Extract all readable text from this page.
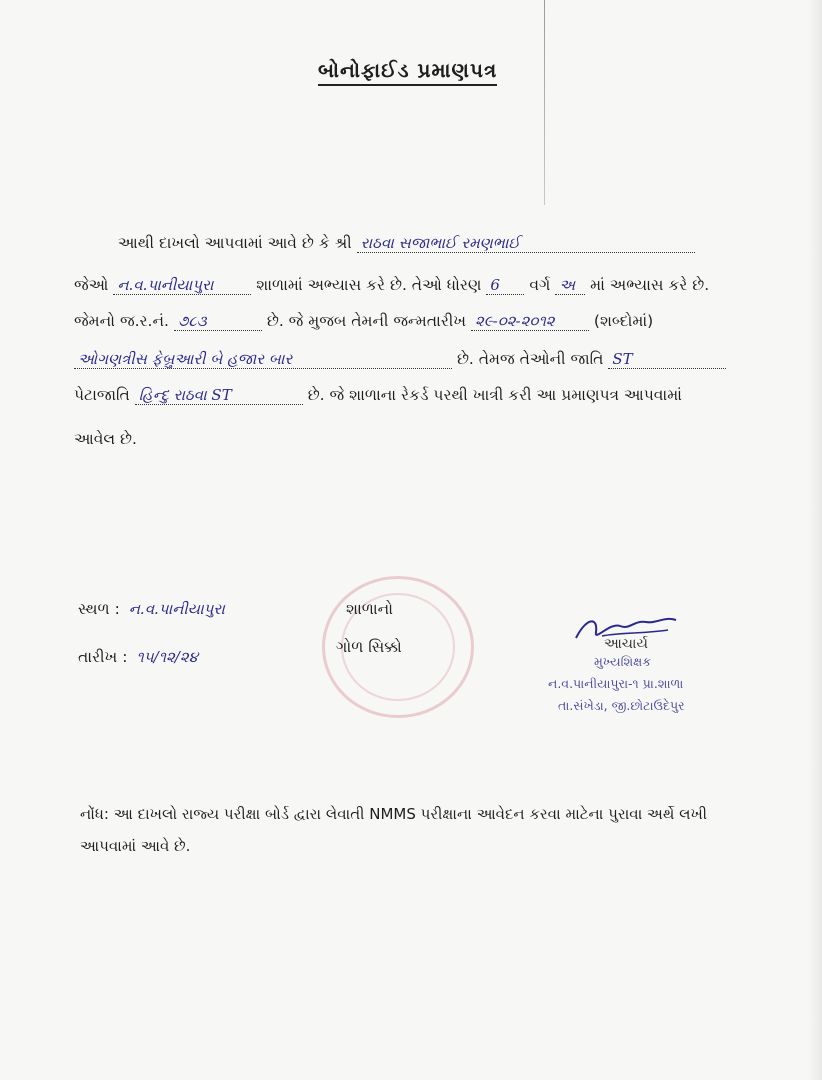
બોનોફાઈડ પ્રમાણપત્ર
આથી દાખલો આપવામાં આવે છે કે શ્રી રાઠવા સજાભાઈ રમણભાઈ
જેઓ ન.વ.પાનીયાપુરા	શાળામાં અભ્યાસ કરે છે. તેઓ ધોરણ 6 વર્ગ અ માં અભ્યાસ કરે છે.
જેમનો જ.ર.નં. ૭૮૩	છે. જે મુજબ તેમની જન્મતારીખ ૨૯-૦૨-૨૦૧૨	(શબ્દોમાં)
ઓગણત્રીસ ફેબ્રુઆરી બે હજાર બાર	છે. તેમજ તેઓની જાતિ ST
પેટાજાતિ હિન્દુ રાઠવા ST	છે. જે શાળાના રેકર્ડ પરથી ખાત્રી કરી આ પ્રમાણપત્ર આપવામાં
આવેલ છે.
સ્થળ : ન.વ.પાનીયાપુરા
તારીખ : ૧૫/૧૨/૨૪
શાળાનો
ગોળ સિક્કો	આચાર્ય
મુખ્યશિક્ષક
ન.વ.પાનીયાપુરા-૧ પ્રા.શાળા
તા.સંખેડા, જી.છોટાઉદેપુર
નોંધ: આ દાખલો રાજ્ય પરીક્ષા બોર્ડ દ્વારા લેવાતી NMMS પરીક્ષાના આવેદન કરવા માટેના પુરાવા અર્થે લખી આપવામાં આવે છે.
